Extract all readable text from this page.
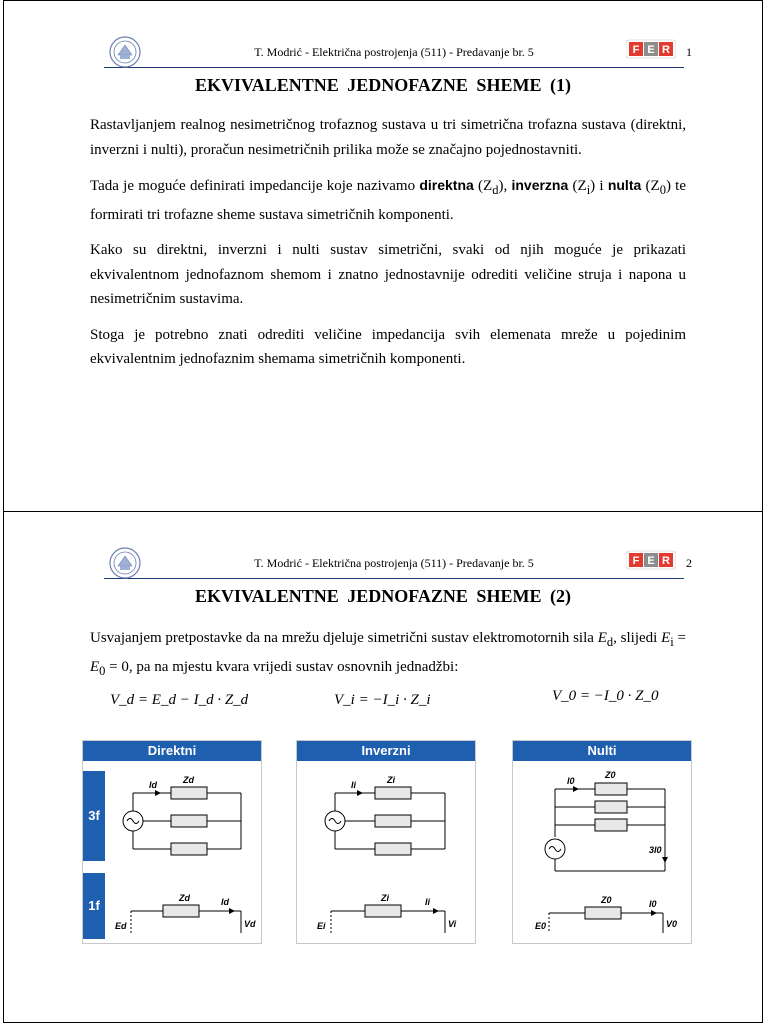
T. Modrić - Električna postrojenja (511) - Predavanje br. 5	F E R 1
EKVIVALENTNE JEDNOFAZNE SHEME (1)

Rastavljanjem realnog nesimetričnog trofaznog sustava u tri simetrična trofazna sustava (direktni, inverzni i nulti), proračun nesimetričnih prilika može se značajno pojednostavniti.

Tada je moguće definirati impedancije koje nazivamo direktna $(Z_d)$, inverzna $(Z_i)$ i nulta $(Z_0)$ te formirati tri trofazne sheme sustava simetričnih komponenti.

Kako su direktni, inverzni i nulti sustav simetrični, svaki od njih moguće je prikazati ekvivalentnom jednofaznom shemom i znatno jednostavnije odrediti veličine struja i napona u nesimetričnim sustavima.

Stoga je potrebno znati odrediti veličine impedancija svih elemenata mreže u pojedinim ekvivalentnim jednofaznim shemama simetričnih komponenti.

T. Modrić - Električna postrojenja (511) - Predavanje br. 5	F E R 2
EKVIVALENTNE JEDNOFAZNE SHEME (2)

Usvajanjem pretpostavke da na mrežu djeluje simetrični sustav elektromotornih sila $E_d$, slijedi $E_i = E_0 = 0$, pa na mjestu kvara vrijedi sustav osnovnih jednadžbi:

V_d = E_d − I_d · Z_d	V_i = −I_i · Z_i	V_0 = −I_0 · Z_0
Direktni
3f
1f
Id	Zd
Zd	Id
Ed	Vd
Inverzni
Ii	Zi
Zi	Ii
Ei	Vi
Nulti
I0
Z0
3I0
Z0	I0
E0	V0
